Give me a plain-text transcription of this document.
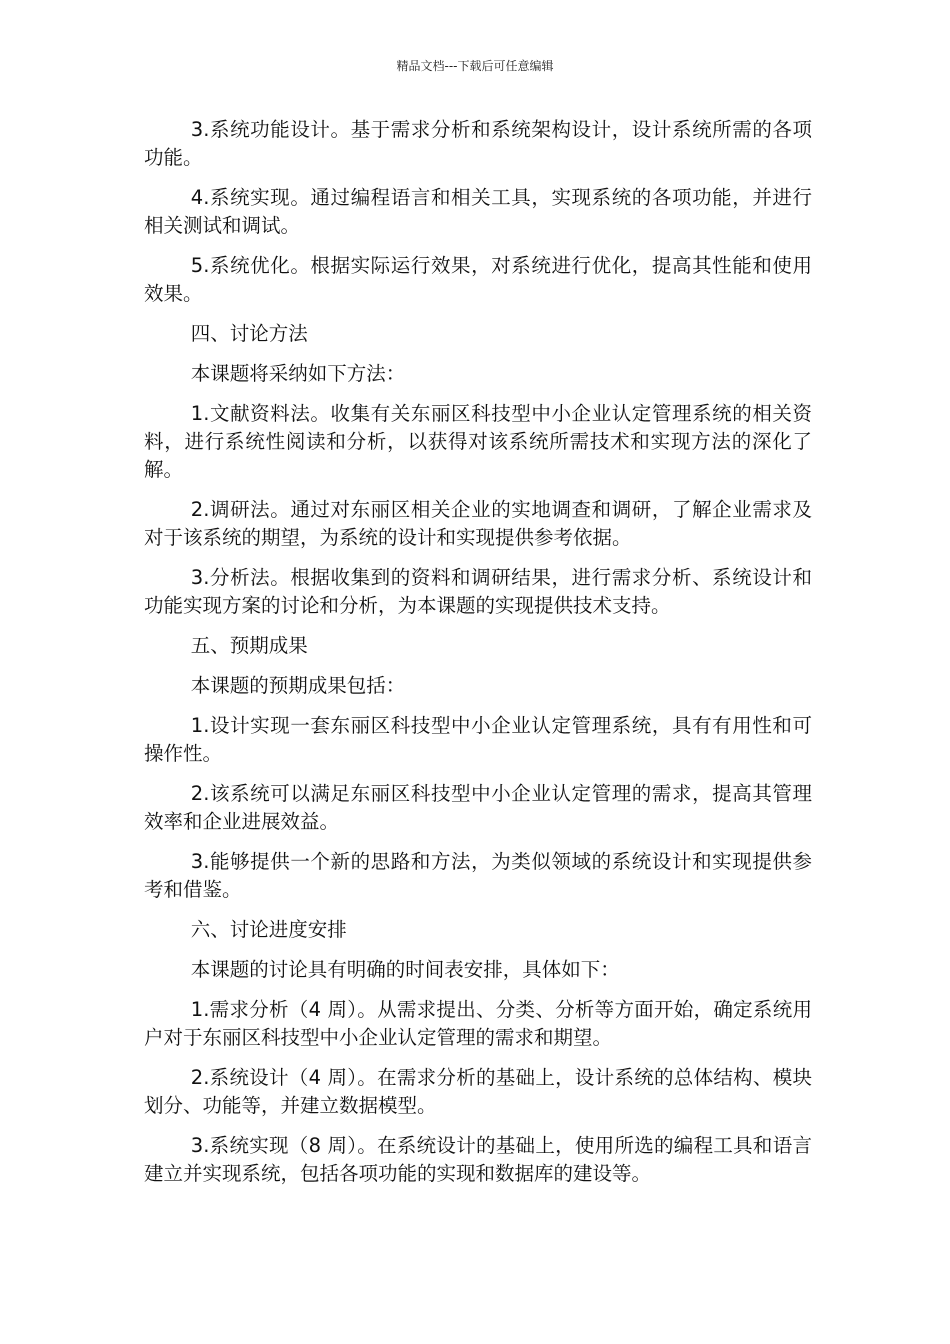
精品文档---下载后可任意编辑

3.系统功能设计。基于需求分析和系统架构设计，设计系统所需的各项功能。

4.系统实现。通过编程语言和相关工具，实现系统的各项功能，并进行相关测试和调试。

5.系统优化。根据实际运行效果，对系统进行优化，提高其性能和使用效果。

四、讨论方法

本课题将采纳如下方法：

1.文献资料法。收集有关东丽区科技型中小企业认定管理系统的相关资料，进行系统性阅读和分析，以获得对该系统所需技术和实现方法的深化了解。

2.调研法。通过对东丽区相关企业的实地调查和调研，了解企业需求及对于该系统的期望，为系统的设计和实现提供参考依据。

3.分析法。根据收集到的资料和调研结果，进行需求分析、系统设计和功能实现方案的讨论和分析，为本课题的实现提供技术支持。

五、预期成果

本课题的预期成果包括：

1.设计实现一套东丽区科技型中小企业认定管理系统，具有有用性和可操作性。

2.该系统可以满足东丽区科技型中小企业认定管理的需求，提高其管理效率和企业进展效益。

3.能够提供一个新的思路和方法，为类似领域的系统设计和实现提供参考和借鉴。

六、讨论进度安排

本课题的讨论具有明确的时间表安排，具体如下：

1.需求分析（4 周）。从需求提出、分类、分析等方面开始，确定系统用户对于东丽区科技型中小企业认定管理的需求和期望。

2.系统设计（4 周）。在需求分析的基础上，设计系统的总体结构、模块划分、功能等，并建立数据模型。

3.系统实现（8 周）。在系统设计的基础上，使用所选的编程工具和语言建立并实现系统，包括各项功能的实现和数据库的建设等。
